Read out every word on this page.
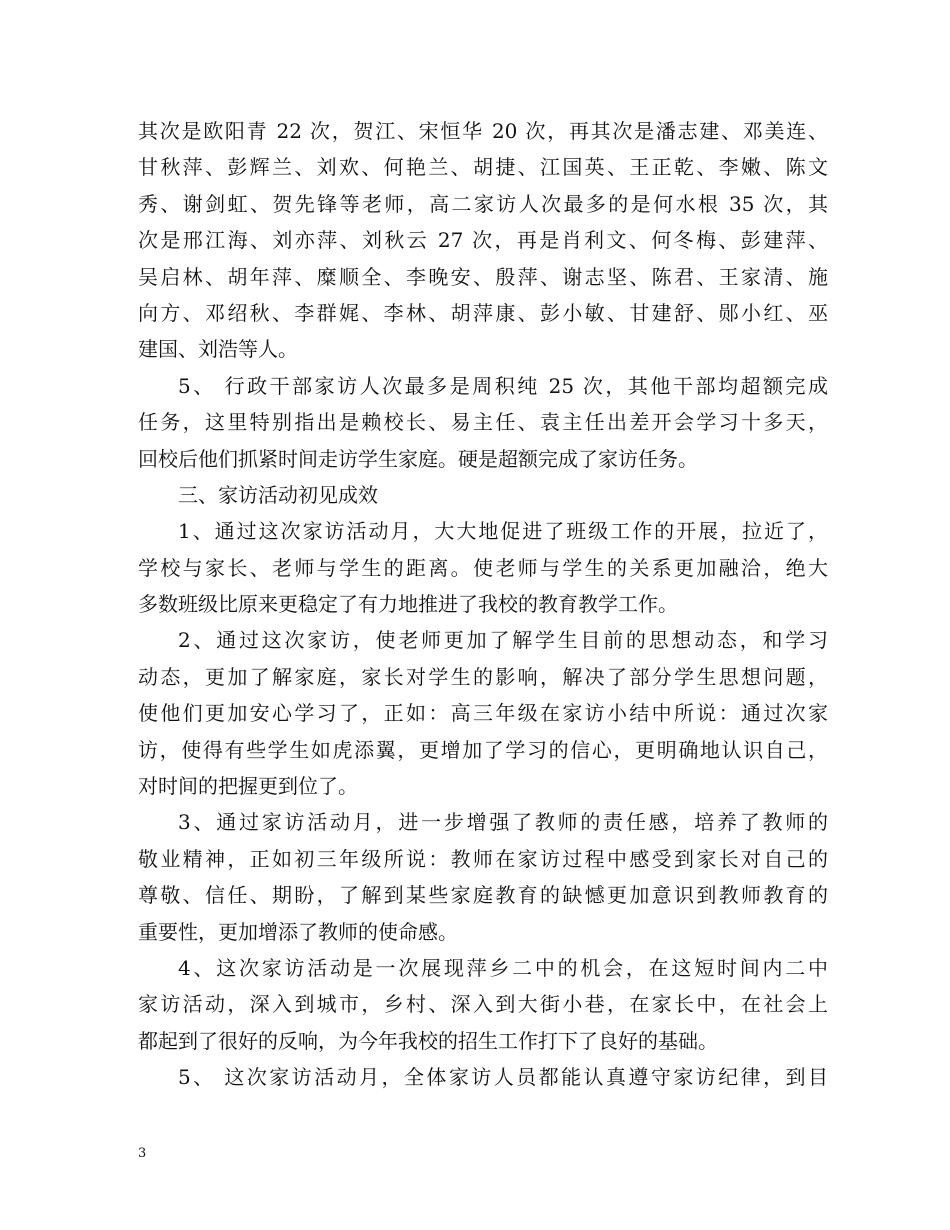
其次是欧阳青 22 次，贺江、宋恒华 20 次，再其次是潘志建、邓美连、
甘秋萍、彭辉兰、刘欢、何艳兰、胡捷、江国英、王正乾、李嫩、陈文
秀、谢剑虹、贺先锋等老师，高二家访人次最多的是何水根 35 次，其
次是邢江海、刘亦萍、刘秋云 27 次，再是肖利文、何冬梅、彭建萍、
吴启林、胡年萍、糜顺全、李晚安、殷萍、谢志坚、陈君、王家清、施
向方、邓绍秋、李群娓、李林、胡萍康、彭小敏、甘建舒、郧小红、巫
建国、刘浩等人。
5、 行政干部家访人次最多是周积纯 25 次，其他干部均超额完成
任务，这里特别指出是赖校长、易主任、袁主任出差开会学习十多天，
回校后他们抓紧时间走访学生家庭。硬是超额完成了家访任务。
三、家访活动初见成效
1、通过这次家访活动月，大大地促进了班级工作的开展，拉近了，
学校与家长、老师与学生的距离。使老师与学生的关系更加融洽，绝大
多数班级比原来更稳定了有力地推进了我校的教育教学工作。
2、通过这次家访，使老师更加了解学生目前的思想动态，和学习
动态，更加了解家庭，家长对学生的影响，解决了部分学生思想问题，
使他们更加安心学习了，正如：高三年级在家访小结中所说：通过次家
访，使得有些学生如虎添翼，更增加了学习的信心，更明确地认识自己，
对时间的把握更到位了。
3、通过家访活动月，进一步增强了教师的责任感，培养了教师的
敬业精神，正如初三年级所说：教师在家访过程中感受到家长对自己的
尊敬、信任、期盼，了解到某些家庭教育的缺憾更加意识到教师教育的
重要性，更加增添了教师的使命感。
4、这次家访活动是一次展现萍乡二中的机会，在这短时间内二中
家访活动，深入到城市，乡村、深入到大街小巷，在家长中，在社会上
都起到了很好的反响，为今年我校的招生工作打下了良好的基础。
5、 这次家访活动月，全体家访人员都能认真遵守家访纪律，到目
3
